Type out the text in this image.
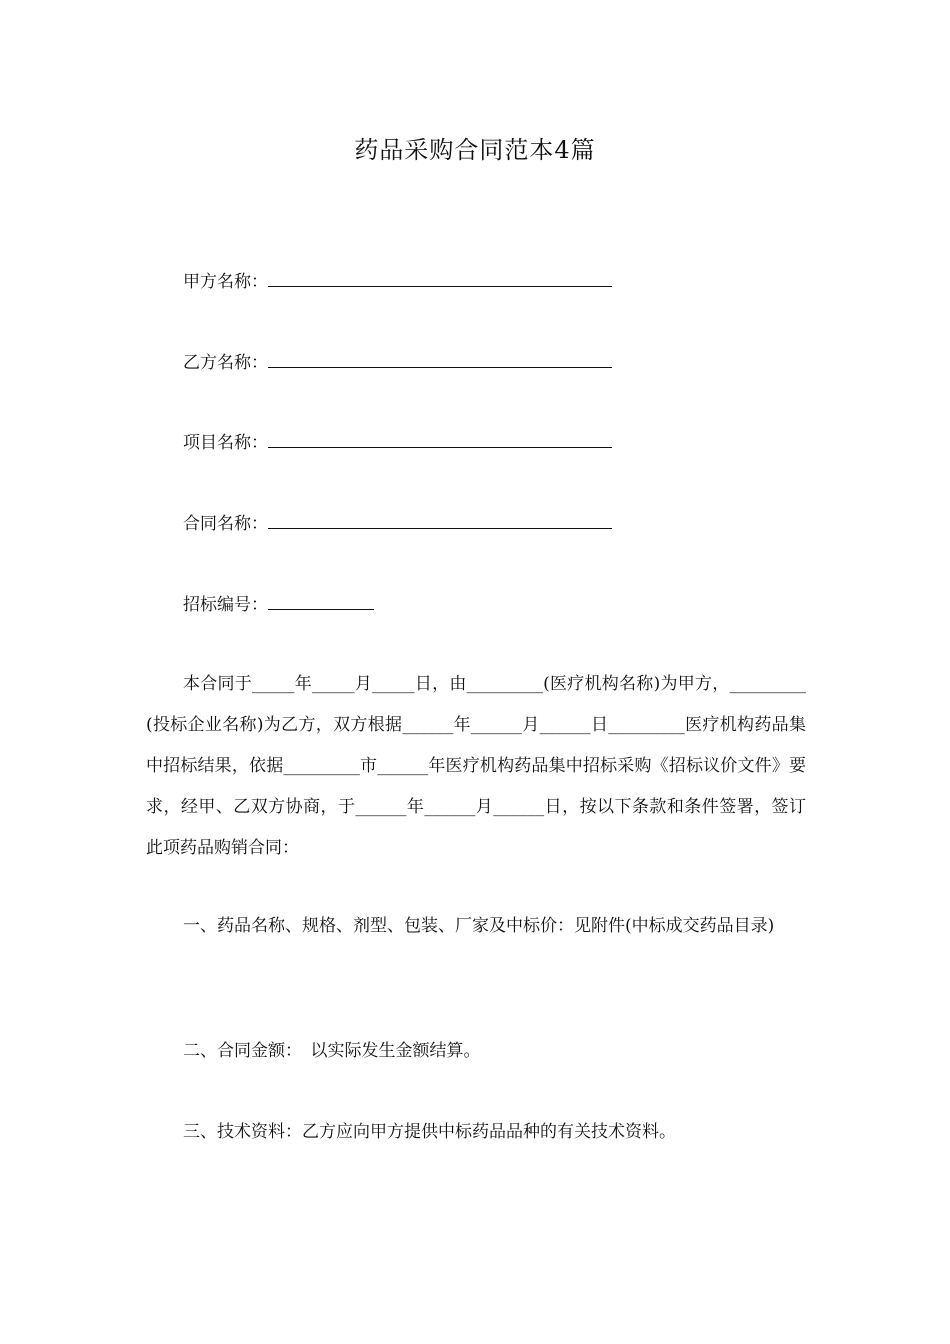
药品采购合同范本4篇
甲方名称：
乙方名称：
项目名称：
合同名称：
招标编号：

本合同于_____年_____月_____日，由_________(医疗机构名称)为甲方，_________(投标企业名称)为乙方，双方根据______年______月______日_________医疗机构药品集中招标结果，依据_________市______年医疗机构药品集中招标采购《招标议价文件》要求，经甲、乙双方协商，于______年______月______日，按以下条款和条件签署，签订此项药品购销合同：

一、药品名称、规格、剂型、包装、厂家及中标价：见附件(中标成交药品目录)

二、合同金额：　以实际发生金额结算。

三、技术资料：乙方应向甲方提供中标药品品种的有关技术资料。
